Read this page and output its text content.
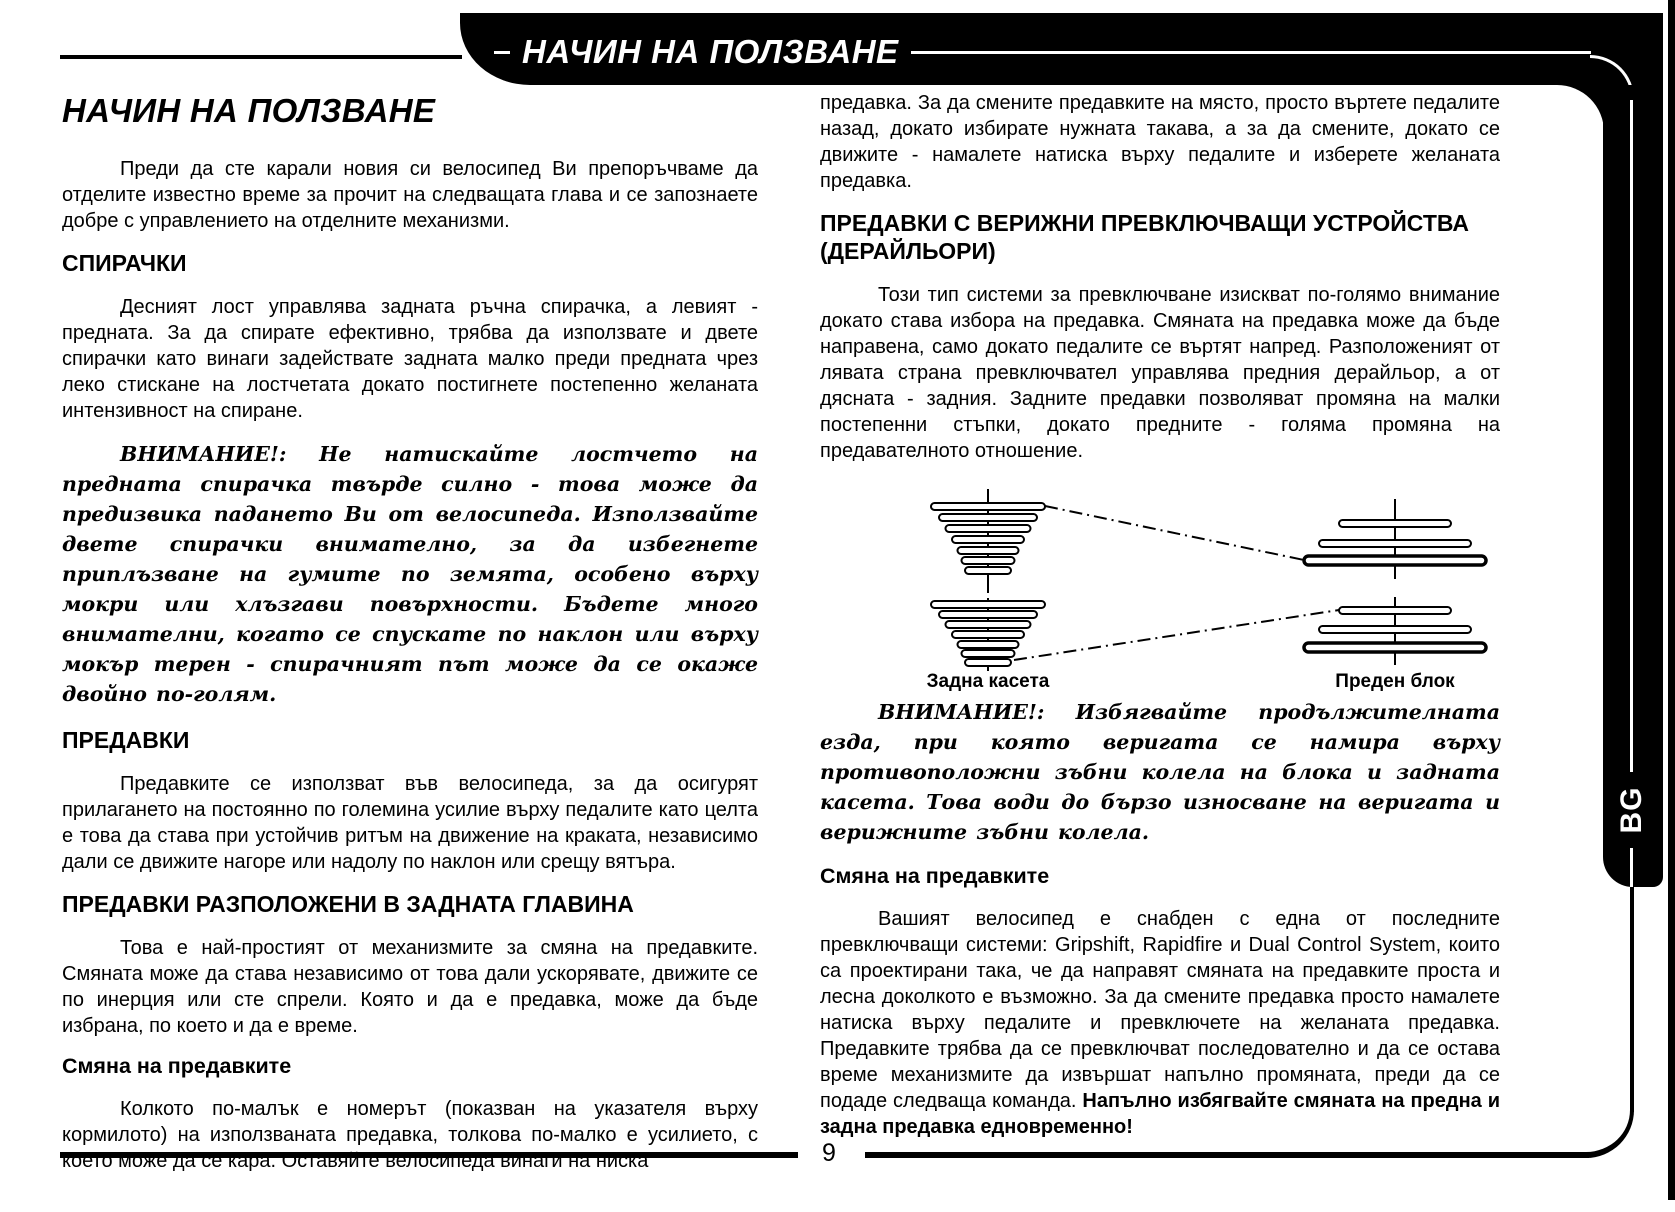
НАЧИН НА ПОЛЗВАНЕ
BG
9
НАЧИН НА ПОЛЗВАНЕ

Преди да сте карали новия си велосипед Ви препоръчваме да отделите известно време за прочит на следващата глава и се запознаете добре с управлението на отделните механизми.

СПИРАЧКИ

Десният лост управлява задната ръчна спирачка, а левият - предната. За да спирате ефективно, трябва да използвате и двете спирачки като винаги задействате задната малко преди предната чрез леко стискане на лостчетата докато постигнете постепенно желаната интензивност на спиране.

ВНИМАНИЕ!: Не натискайте лостчето на предната спирачка твърде силно - това може да предизвика падането Ви от велосипеда. Използвайте двете спирачки внимателно, за да избегнете приплъзване на гумите по земята, особено върху мокри или хлъзгави повърхности. Бъдете много внимателни, когато се спускате по наклон или върху мокър терен - спирачният път може да се окаже двойно по-голям.
ПРЕДАВКИ

Предавките се използват във велосипеда, за да осигурят прилагането на постоянно по големина усилие върху педалите като целта е това да става при устойчив ритъм на движение на краката, независимо дали се движите нагоре или надолу по наклон или срещу вятъра.

ПРЕДАВКИ РАЗПОЛОЖЕНИ В ЗАДНАТА ГЛАВИНА

Това е най-простият от механизмите за смяна на предавките. Смяната може да става независимо от това дали ускорявате, движите се по инерция или сте спрели. Която и да е предавка, може да бъде избрана, по което и да е време.

Смяна на предавките

Колкото по-малък е номерът (показван на указателя върху кормилото) на използваната предавка, толкова по-малко е усилието, с което може да се кара. Оставяйте велосипеда винаги на ниска

предавка. За да смените предавките на място, просто въртете педалите назад, докато избирате нужната такава, а за да смените, докато се движите - намалете натиска върху педалите и изберете желаната предавка.

ПРЕДАВКИ С ВЕРИЖНИ ПРЕВКЛЮЧВАЩИ УСТРОЙСТВА (ДЕРАЙЛЬОРИ)

Този тип системи за превключване изискват по-голямо внимание докато става избора на предавка. Смяната на предавка може да бъде направена, само докато педалите се въртят напред. Разположеният от лявата страна превключвател управлява предния дерайльор, а от дясната - задния. Задните предавки позволяват промяна на малки постепенни стъпки, докато предните - голяма промяна на предавателното отношение.

Задна касета	Преден блок
ВНИМАНИЕ!: Избягвайте продължителната езда, при която веригата се намира върху противоположни зъбни колела на блока и задната касета. Това води до бързо износване на веригата и верижните зъбни колела.
Смяна на предавките

Вашият велосипед е снабден с една от последните превключващи системи: Gripshift, Rapidfire и Dual Control System, които са проектирани така, че да направят смяната на предавките проста и лесна доколкото е възможно. За да смените предавка просто намалете натиска върху педалите и превключете на желаната предавка. Предавките трябва да се превключват последователно и да се остава време механизмите да извършат напълно промяната, преди да се подаде следваща команда. Напълно избягвайте смяната на предна и задна предавка едновременно!
